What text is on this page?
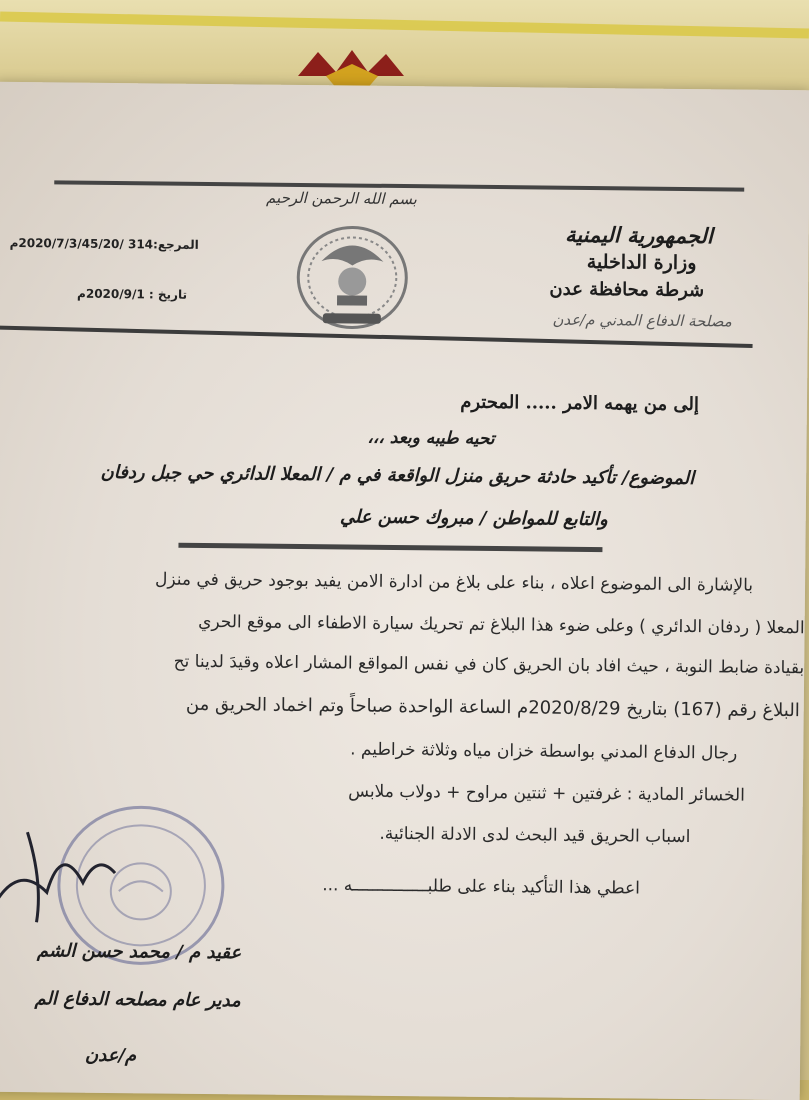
بسم الله الرحمن الرحيم
الجمهورية اليمنية
وزارة الداخلية
شرطة محافظة عدن
مصلحة الدفاع المدني م/عدن
المرجع:314 /2020/7/3/45/20م
تاريخ : 2020/9/1م
إلى من يهمه الامر ..... المحترم
تحيه طيبه وبعد ،،،
الموضوع/ تأكيد حادثة حريق منزل الواقعة في م / المعلا الدائري حي جبل ردفان
والتابع للمواطن / مبروك حسن علي
بالإشارة الى الموضوع اعلاه ، بناء على بلاغ من ادارة الامن يفيد بوجود حريق في منزل
المعلا ( ردفان الدائري ) وعلى ضوء هذا البلاغ تم تحريك سيارة الاطفاء الى موقع الحري
بقيادة ضابط النوبة ، حيث افاد بان الحريق كان في نفس المواقع المشار اعلاه وقيدَ لدينا تح
البلاغ رقم (167) بتاريخ 2020/8/29م الساعة الواحدة صباحاً وتم اخماد الحريق من
رجال الدفاع المدني بواسطة خزان مياه وثلاثة خراطيم .
الخسائر المادية : غرفتين + ثنتين مراوح + دولاب ملابس
اسباب الحريق قيد البحث لدى الادلة الجنائية.
اعطي هذا التأكيد بناء على طلبـــــــــــــــه ...
عقيد م / محمد حسن الشم
مدير عام مصلحه الدفاع الم
م/عدن
